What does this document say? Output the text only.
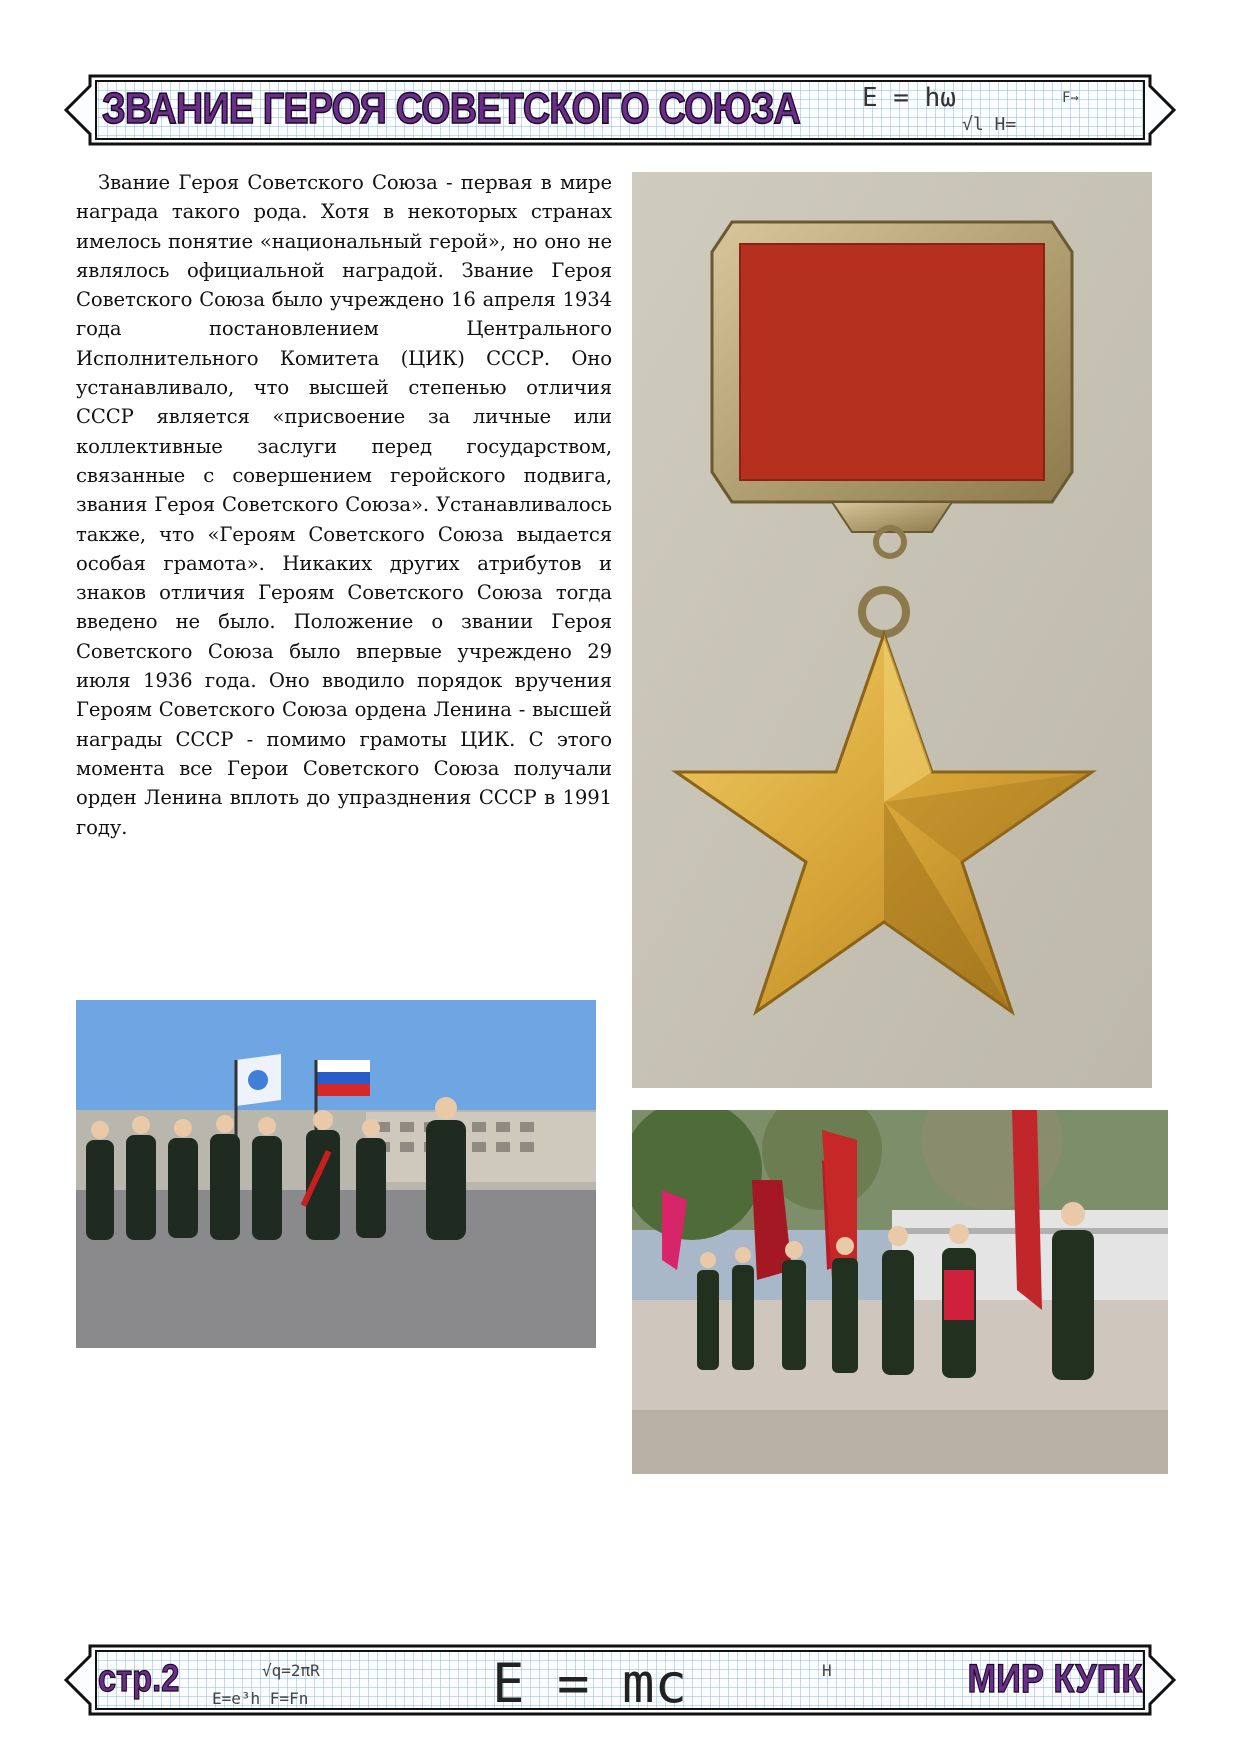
E = hω
√l H=
F→
ЗВАНИЕ ГЕРОЯ СОВЕТСКОГО СОЮЗА

Звание Героя Советского Союза - первая в мире награда такого рода. Хотя в некоторых странах имелось понятие «национальный герой», но оно не являлось официальной наградой. Звание Героя Советского Союза было учреждено 16 апреля 1934 года постановлением Центрального Исполнительного Комитета (ЦИК) СССР. Оно устанавливало, что высшей степенью отличия СССР является «присвоение за личные или коллективные заслуги перед государством, связанные с совершением геройского подвига, звания Героя Советского Союза». Устанавливалось также, что «Героям Советского Союза выдается особая грамота». Никаких других атрибутов и знаков отличия Героям Советского Союза тогда введено не было. Положение о звании Героя Советского Союза было впервые учреждено 29 июля 1936 года. Оно вводило порядок вручения Героям Советского Союза ордена Ленина - высшей награды СССР - помимо грамоты ЦИК. С этого момента все Герои Советского Союза получали орден Ленина вплоть до упразднения СССР в 1991 году.

E = mc
√q=2πR
E=e³h F=Fn
H
стр.2	МИР КУПК
